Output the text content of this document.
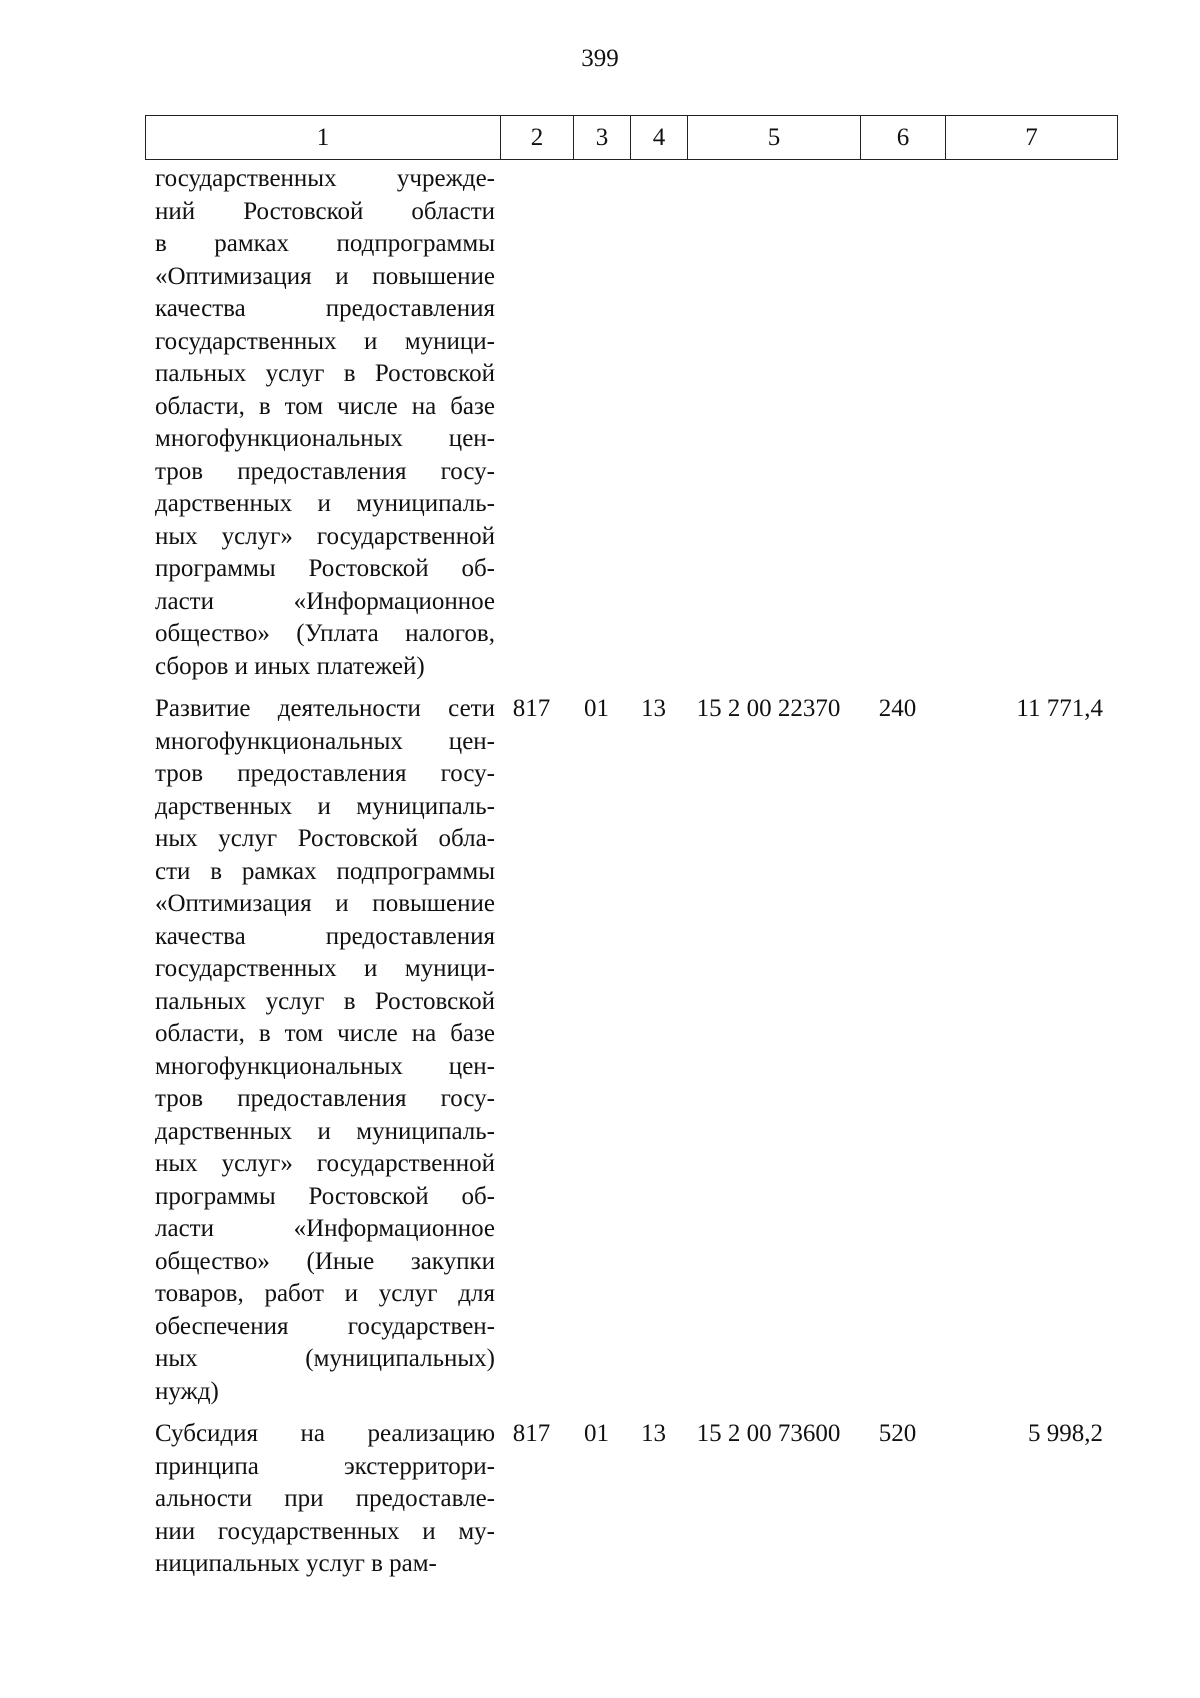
399
1	2	3	4	5	6	7
государственных учрежде-
ний Ростовской области
в рамках подпрограммы
«Оптимизация и повышение
качества предоставления
государственных и муници-
пальных услуг в Ростовской
области, в том числе на базе
многофункциональных цен-
тров предоставления госу-
дарственных и муниципаль-
ных услуг» государственной
программы Ростовской об-
ласти «Информационное
общество» (Уплата налогов,
сборов и иных платежей)
Развитие деятельности сети
многофункциональных цен-
тров предоставления госу-
дарственных и муниципаль-
ных услуг Ростовской обла-
сти в рамках подпрограммы
«Оптимизация и повышение
качества предоставления
государственных и муници-
пальных услуг в Ростовской
области, в том числе на базе
многофункциональных цен-
тров предоставления госу-
дарственных и муниципаль-
ных услуг» государственной
программы Ростовской об-
ласти «Информационное
общество» (Иные закупки
товаров, работ и услуг для
обеспечения государствен-
ных (муниципальных)
нужд)
817	01	13	15 2 00 22370	240	11 771,4
Субсидия на реализацию
принципа экстерритори-
альности при предоставле-
нии государственных и му-
ниципальных услуг в рам-
817	01	13	15 2 00 73600	520	5 998,2
